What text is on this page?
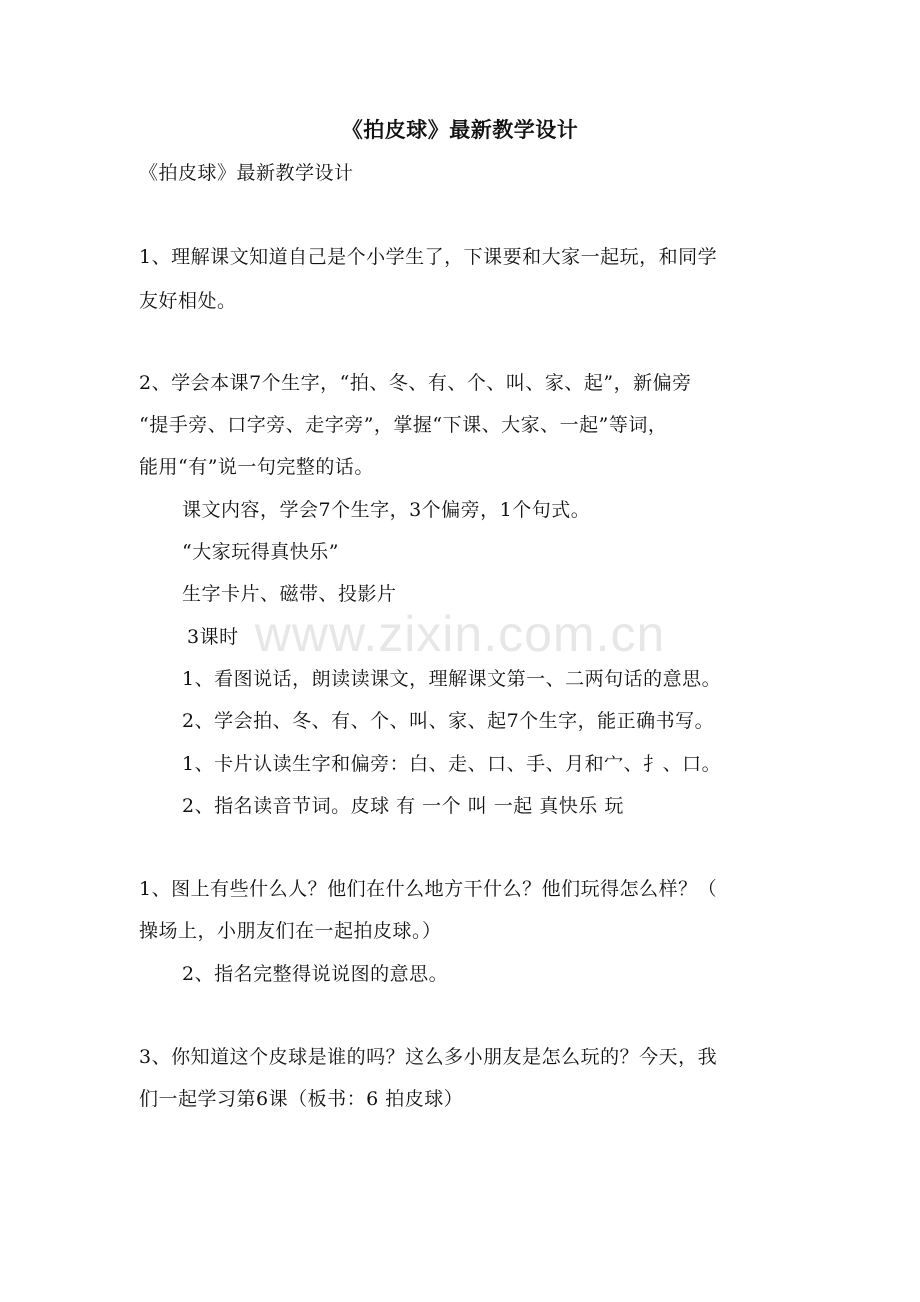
www.zixin.com.cn
《拍皮球》最新教学设计
《拍皮球》最新教学设计
1、理解课文知道自己是个小学生了，下课要和大家一起玩，和同学
友好相处。
2、学会本课7个生字，“拍、冬、有、个、叫、家、起”，新偏旁
“提手旁、口字旁、走字旁”，掌握“下课、大家、一起”等词，
能用“有”说一句完整的话。
课文内容，学会7个生字，3个偏旁，1个句式。
“大家玩得真快乐”
生字卡片、磁带、投影片
3课时
1、看图说话，朗读读课文，理解课文第一、二两句话的意思。
2、学会拍、冬、有、个、叫、家、起7个生字，能正确书写。
1、卡片认读生字和偏旁：白、走、口、手、月和宀、扌、口。
2、指名读音节词。皮球 有 一个 叫 一起 真快乐 玩
1、图上有些什么人？他们在什么地方干什么？他们玩得怎么样？（
操场上，小朋友们在一起拍皮球。）
2、指名完整得说说图的意思。
3、你知道这个皮球是谁的吗？这么多小朋友是怎么玩的？今天，我
们一起学习第6课（板书：6 拍皮球）
